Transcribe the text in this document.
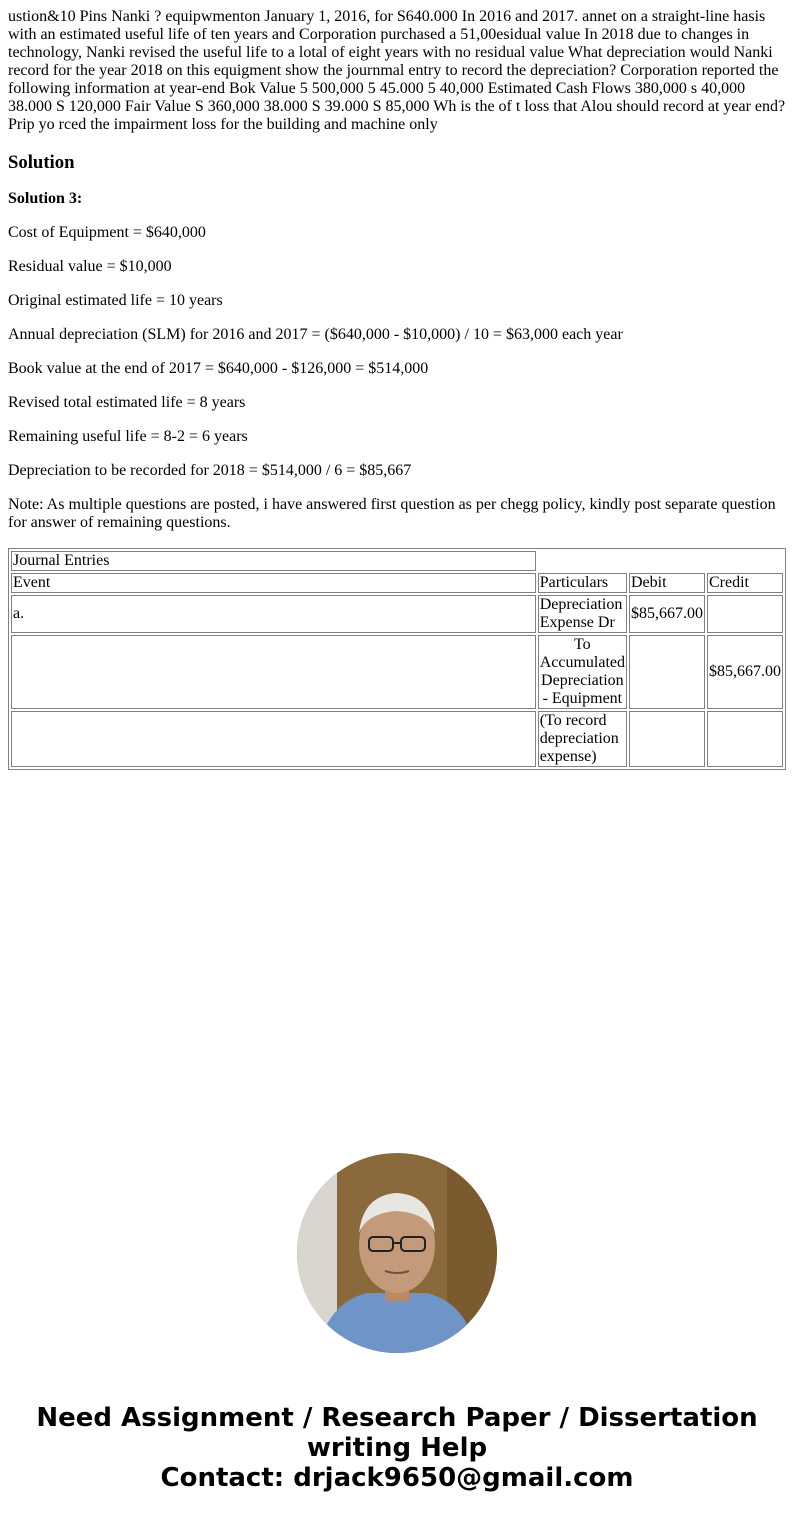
ustion&10 Pins Nanki ? equipwmenton January 1, 2016, for S640.000 In 2016 and 2017. annet on a straight-line hasis with an estimated useful life of ten years and Corporation purchased a 51,00esidual value In 2018 due to changes in technology, Nanki revised the useful life to a lotal of eight years with no residual value What depreciation would Nanki record for the year 2018 on this equigment show the journmal entry to record the depreciation? Corporation reported the following information at year-end Bok Value 5 500,000 5 45.000 5 40,000 Estimated Cash Flows 380,000 s 40,000 38.000 S 120,000 Fair Value S 360,000 38.000 S 39.000 S 85,000 Wh is the of t loss that Alou should record at year end? Prip yo rced the impairment loss for the building and machine only

Solution

Solution 3:

Cost of Equipment = $640,000

Residual value = $10,000

Original estimated life = 10 years

Annual depreciation (SLM) for 2016 and 2017 = ($640,000 - $10,000) / 10 = $63,000 each year

Book value at the end of 2017 = $640,000 - $126,000 = $514,000

Revised total estimated life = 8 years

Remaining useful life = 8-2 = 6 years

Depreciation to be recorded for 2018 = $514,000 / 6 = $85,667

Note: As multiple questions are posted, i have answered first question as per chegg policy, kindly post separate question for answer of remaining questions.

Journal Entries			
Event	Particulars	Debit	Credit
a.	Depreciation Expense Dr	$85,667.00	
	To Accumulated Depreciation - Equipment		$85,667.00
	(To record depreciation expense)		
Need Assignment / Research Paper / Dissertation
writing Help
Contact: drjack9650@gmail.com
